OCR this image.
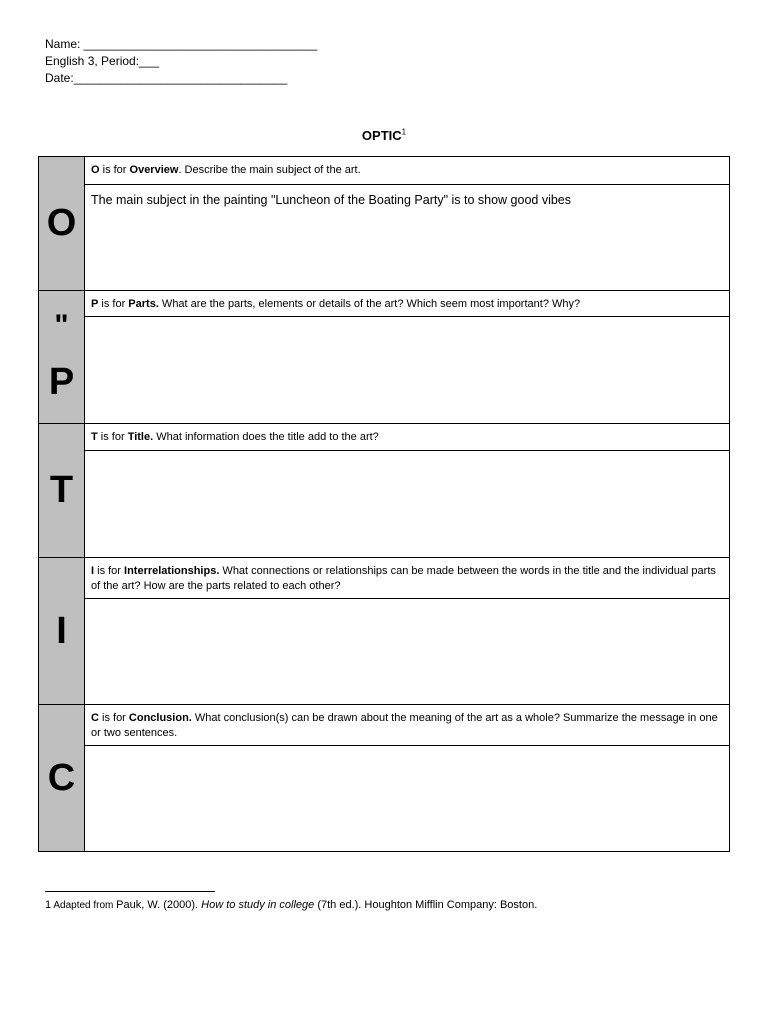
Name: ___________________________________
English 3, Period:___
Date:________________________________
OPTIC$^1$
O	O is for Overview. Describe the main subject of the art.
	The main subject in the painting "Luncheon of the Boating Party" is to show good vibes

"
P	P is for Parts. What are the parts, elements or details of the art? Which seem most important? Why?

T	T is for Title. What information does the title add to the art?

I	I is for Interrelationships. What connections or relationships can be made between the words in the title and the individual parts of the art? How are the parts related to each other?

C	C is for Conclusion. What conclusion(s) can be drawn about the meaning of the art as a whole? Summarize the message in one or two sentences.

1 Adapted from Pauk, W. (2000). How to study in college (7th ed.). Houghton Mifflin Company: Boston.
